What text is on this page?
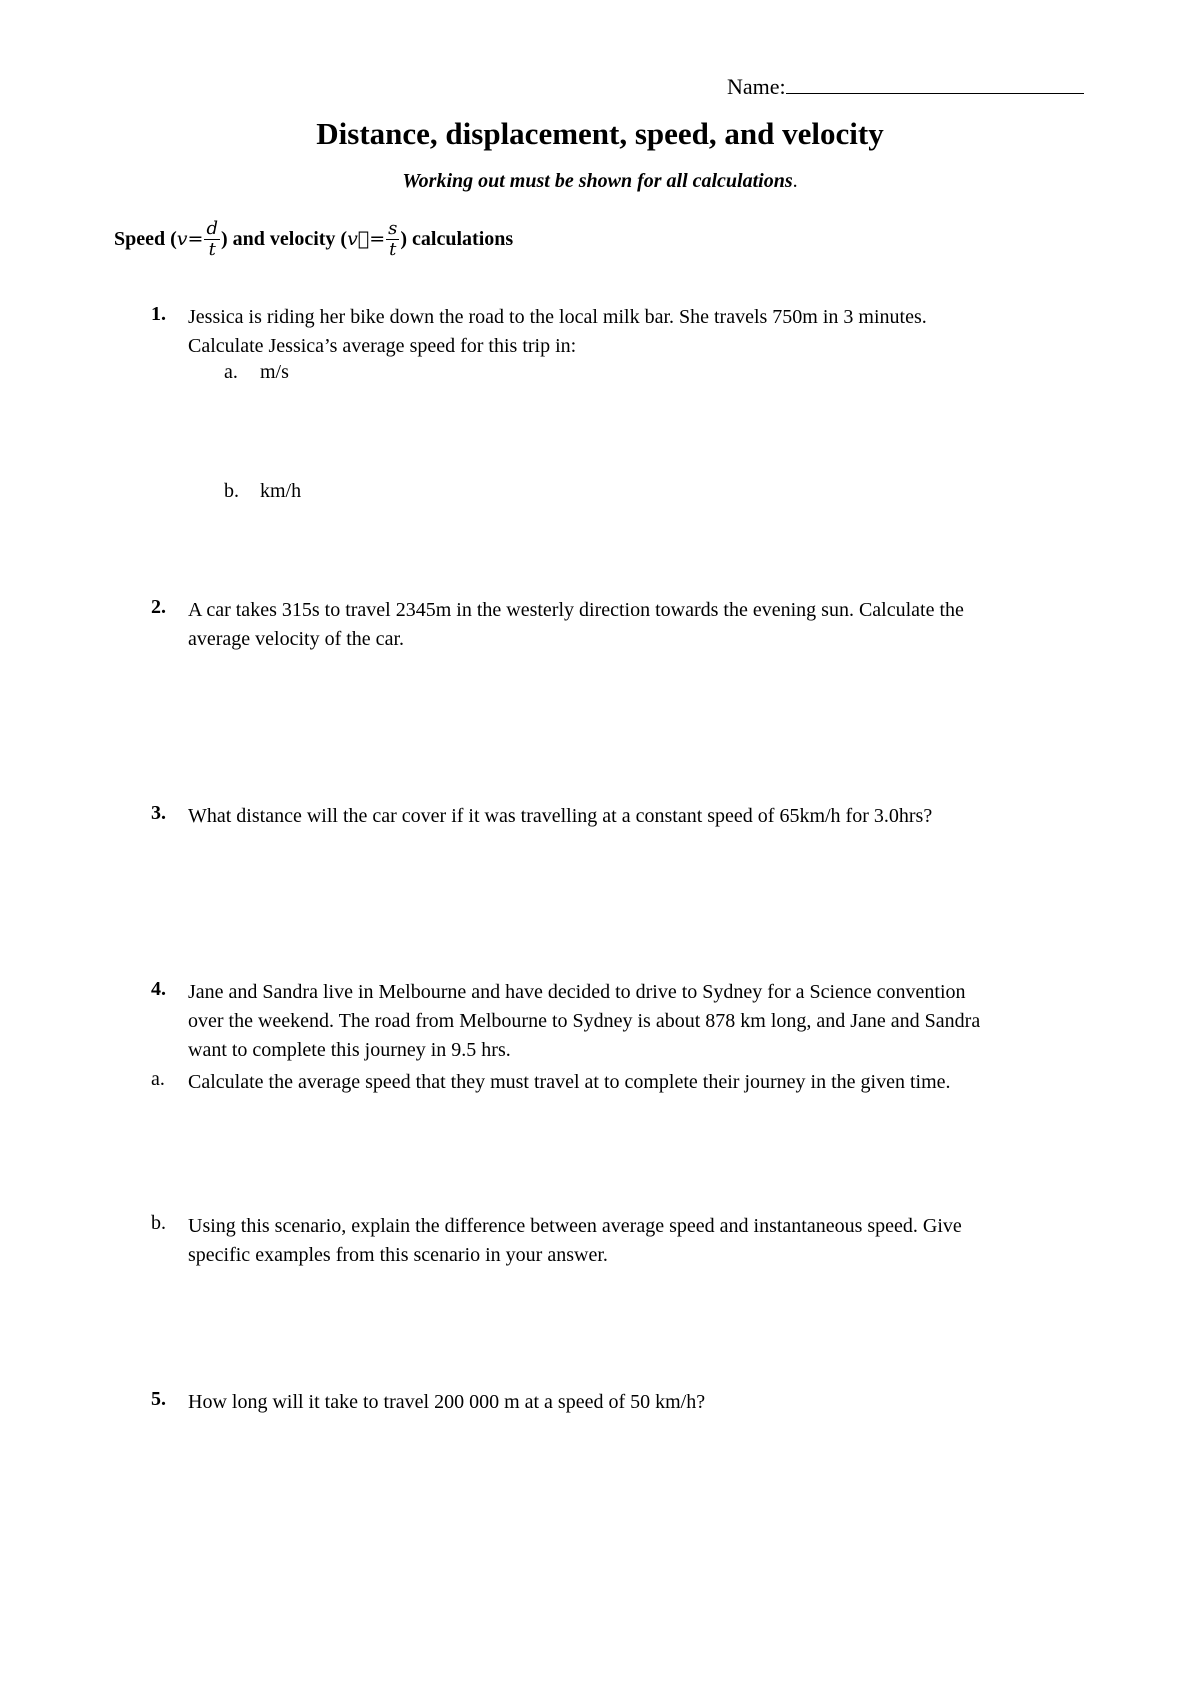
Name:
Distance, displacement, speed, and velocity
Working out must be shown for all calculations.
Speed ( $v = \frac{d}{t}$ ) and velocity ( v⃗ = $\frac{s}{t}$ ) calculations
1. Jessica is riding her bike down the road to the local milk bar. She travels 750m in 3 minutes.
Calculate Jessica’s average speed for this trip in:
a. m/s
b. km/h
2. A car takes 315s to travel 2345m in the westerly direction towards the evening sun. Calculate the
average velocity of the car.
3. What distance will the car cover if it was travelling at a constant speed of 65km/h for 3.0hrs?
4. Jane and Sandra live in Melbourne and have decided to drive to Sydney for a Science convention
over the weekend. The road from Melbourne to Sydney is about 878 km long, and Jane and Sandra
want to complete this journey in 9.5 hrs.
a. Calculate the average speed that they must travel at to complete their journey in the given time.
b. Using this scenario, explain the difference between average speed and instantaneous speed. Give
specific examples from this scenario in your answer.
5. How long will it take to travel 200 000 m at a speed of 50 km/h?
